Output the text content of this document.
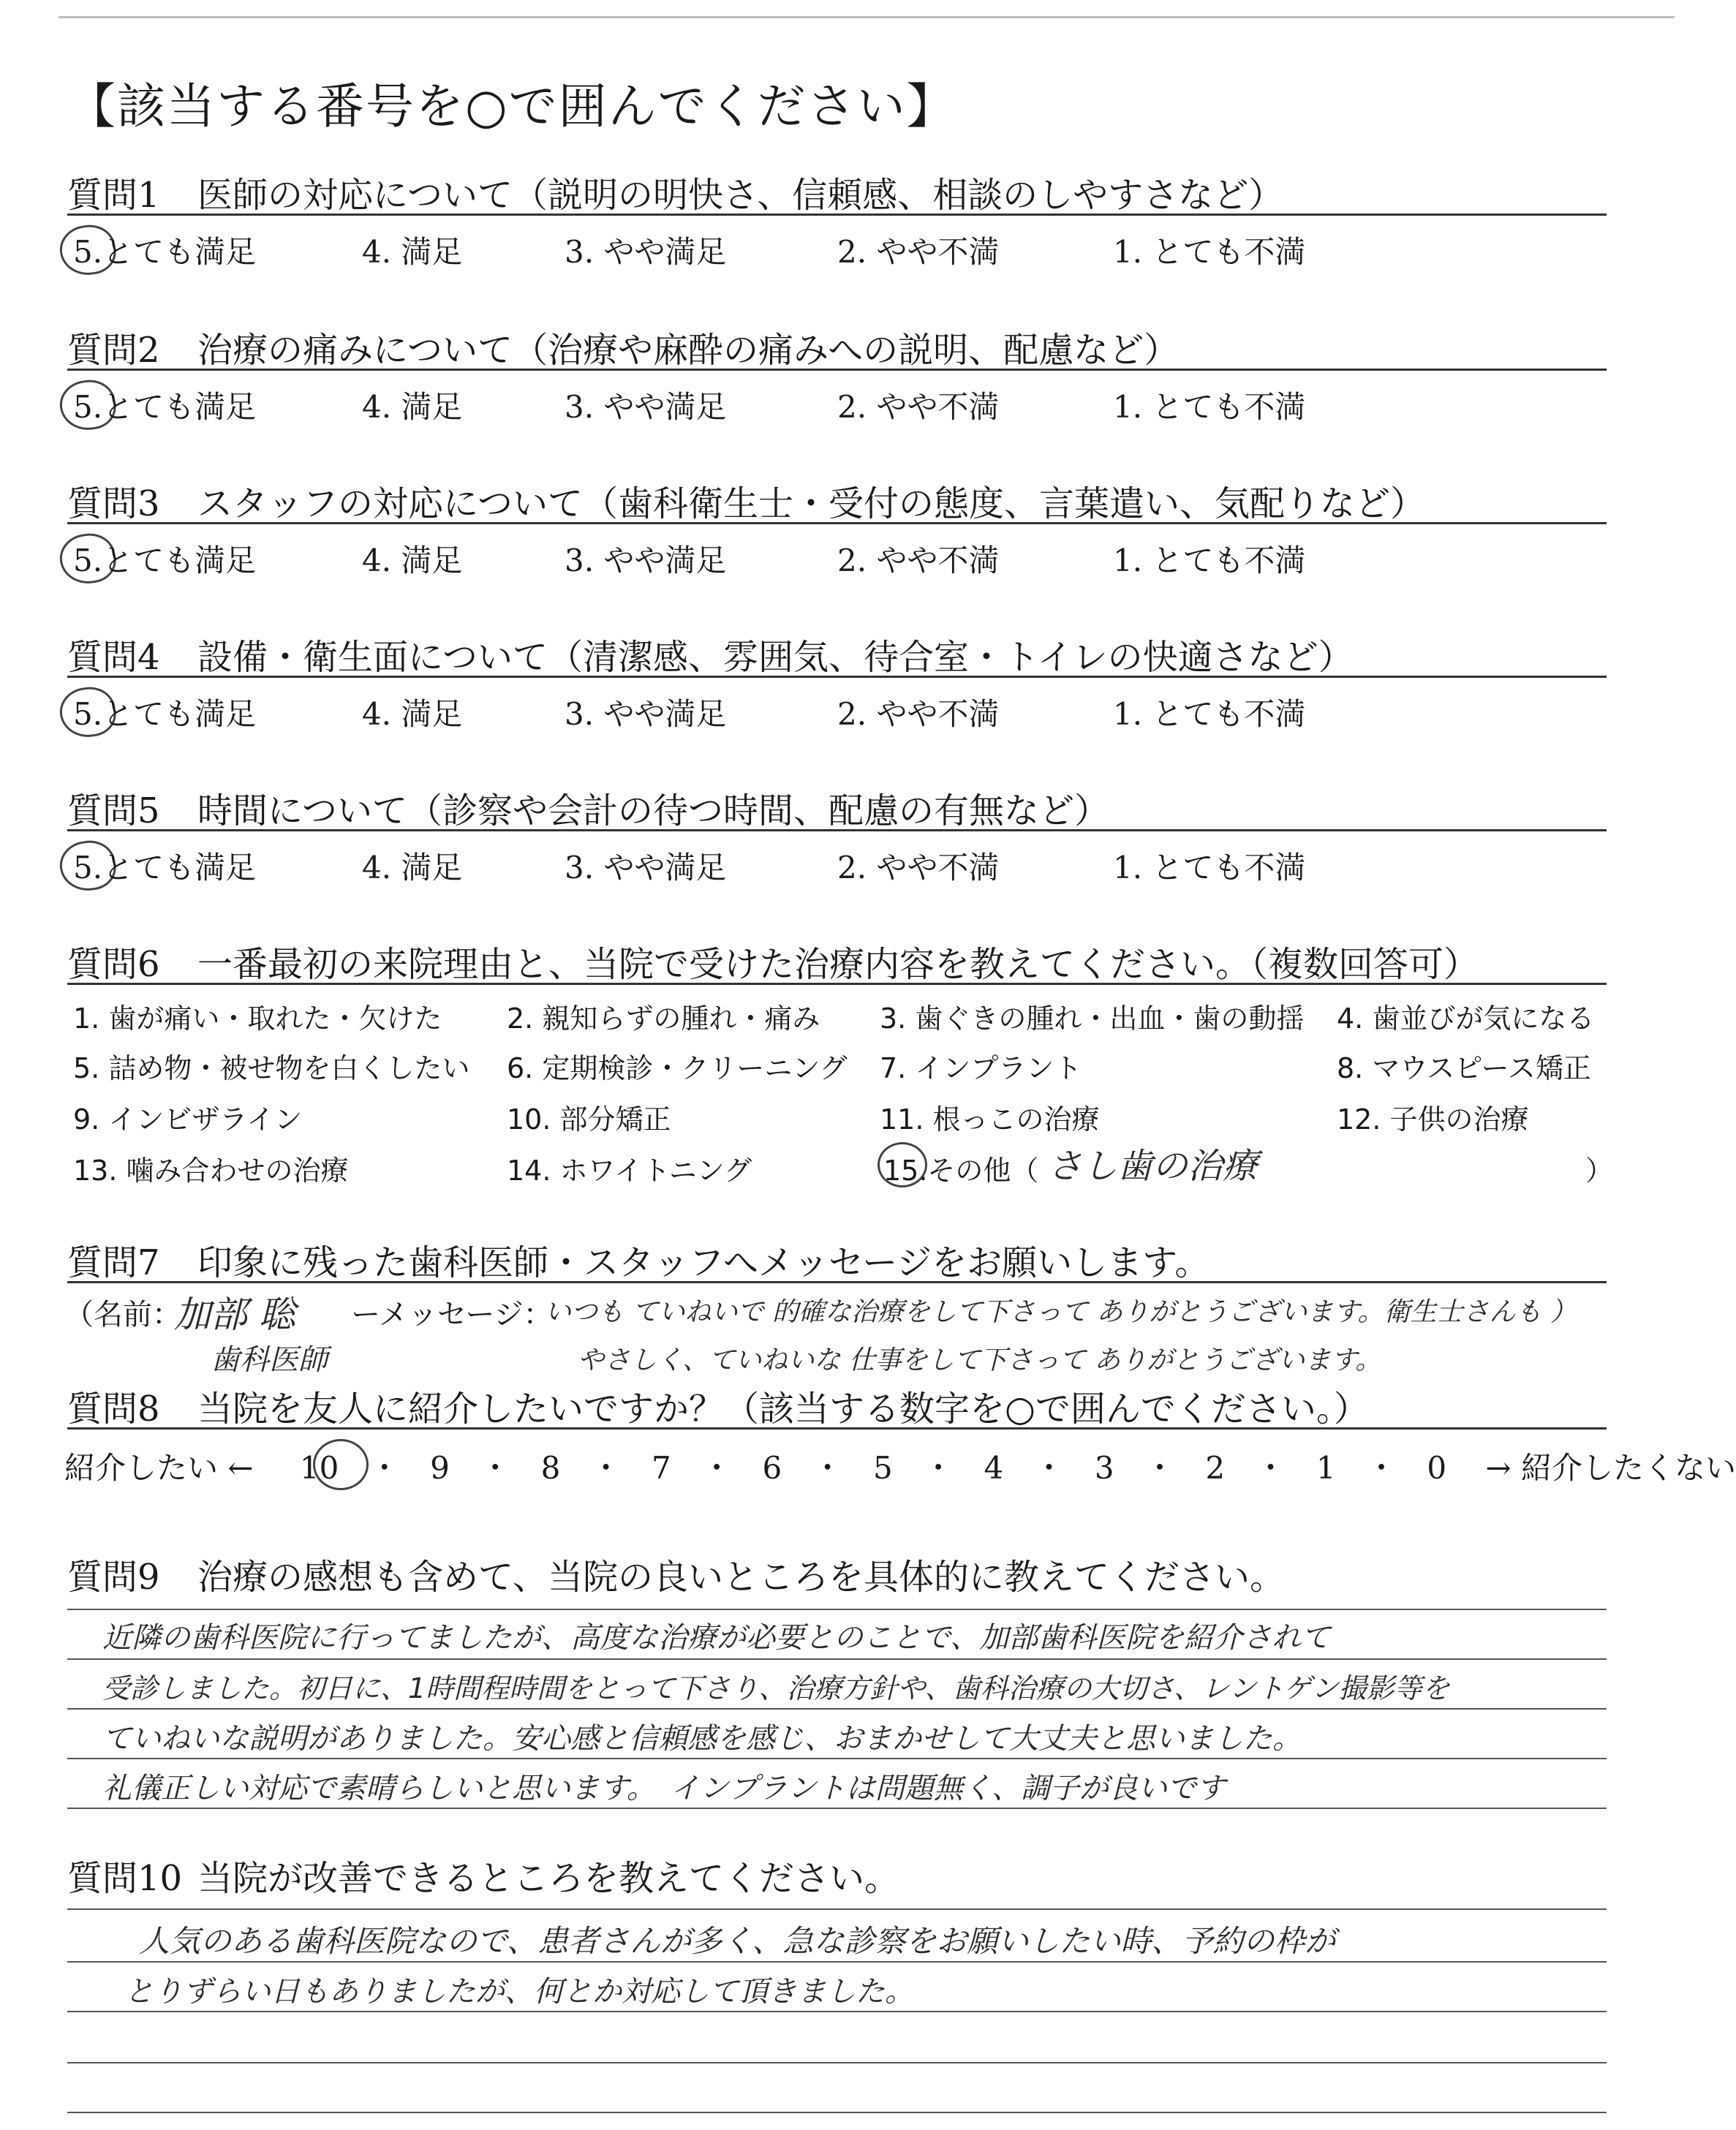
【該当する番号を○で囲んでください】
質問1 医師の対応について（説明の明快さ、信頼感、相談のしやすさなど）
5.とても満足	4. 満足	3. やや満足	2. やや不満	1. とても不満
質問2 治療の痛みについて（治療や麻酔の痛みへの説明、配慮など）
5.とても満足	4. 満足	3. やや満足	2. やや不満	1. とても不満
質問3 スタッフの対応について（歯科衛生士・受付の態度、言葉遣い、気配りなど）
5.とても満足	4. 満足	3. やや満足	2. やや不満	1. とても不満
質問4 設備・衛生面について（清潔感、雰囲気、待合室・トイレの快適さなど）
5.とても満足	4. 満足	3. やや満足	2. やや不満	1. とても不満
質問5 時間について（診察や会計の待つ時間、配慮の有無など）
5.とても満足	4. 満足	3. やや満足	2. やや不満	1. とても不満
質問6 一番最初の来院理由と、当院で受けた治療内容を教えてください。（複数回答可）
1. 歯が痛い・取れた・欠けた 2. 親知らずの腫れ・痛み 3. 歯ぐきの腫れ・出血・歯の動揺 4. 歯並びが気になる
5. 詰め物・被せ物を白くしたい 6. 定期検診・クリーニング 7. インプラント	8. マウスピース矯正
9. インビザライン	10. 部分矯正	11. 根っこの治療	12. 子供の治療
13. 噛み合わせの治療	14. ホワイトニング	15.その他（ さし歯の治療	）
質問7 印象に残った歯科医師・スタッフへメッセージをお願いします。
（名前：
加部 聡
歯科医師
ーメッセージ：
いつも ていねいで 的確な治療をして下さって ありがとうございます。衛生士さんも ）
やさしく、ていねいな 仕事をして下さって ありがとうございます。
質問8 当院を友人に紹介したいですか？（該当する数字を○で囲んでください。）
紹介したい ← 10 ・ 9 ・ 8 ・ 7 ・ 6 ・ 5 ・ 4 ・ 3 ・ 2 ・ 1 ・ 0 → 紹介したくない
質問9 治療の感想も含めて、当院の良いところを具体的に教えてください。
近隣の歯科医院に行ってましたが、高度な治療が必要とのことで、加部歯科医院を紹介されて
受診しました。初日に、1時間程時間をとって下さり、治療方針や、歯科治療の大切さ、レントゲン撮影等を
ていねいな説明がありました。安心感と信頼感を感じ、おまかせして大丈夫と思いました。
礼儀正しい対応で素晴らしいと思います。　インプラントは問題無く、調子が良いです
質問10 当院が改善できるところを教えてください。
人気のある歯科医院なので、患者さんが多く、急な診察をお願いしたい時、予約の枠が
とりずらい日もありましたが、何とか対応して頂きました。
